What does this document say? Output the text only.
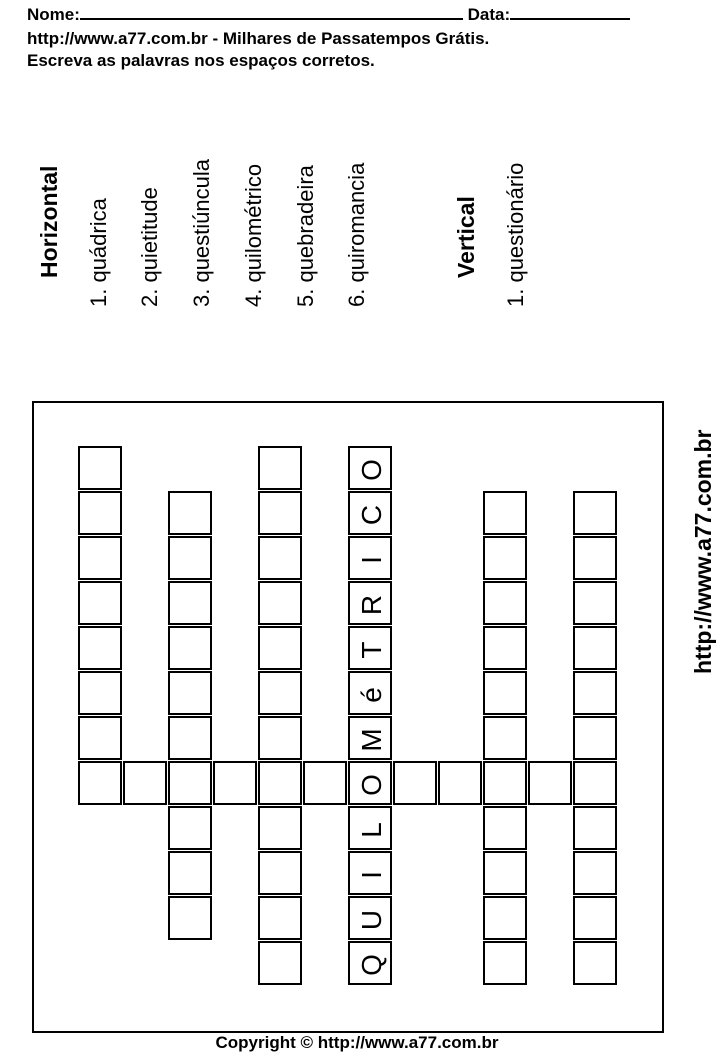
Nome:	Data:
http://www.a77.com.br - Milhares de Passatempos Grátis.
Escreva as palavras nos espaços corretos.
Horizontal 1. quádrica 2. quietitude 3. questiúncula 4. quilométrico 5. quebradeira 6. quiromancia	Vertical 1. questionário
http://www.a77.com.br
O
C
I
R
T
é
M
O
L
I
U
Q
Copyright © http://www.a77.com.br
